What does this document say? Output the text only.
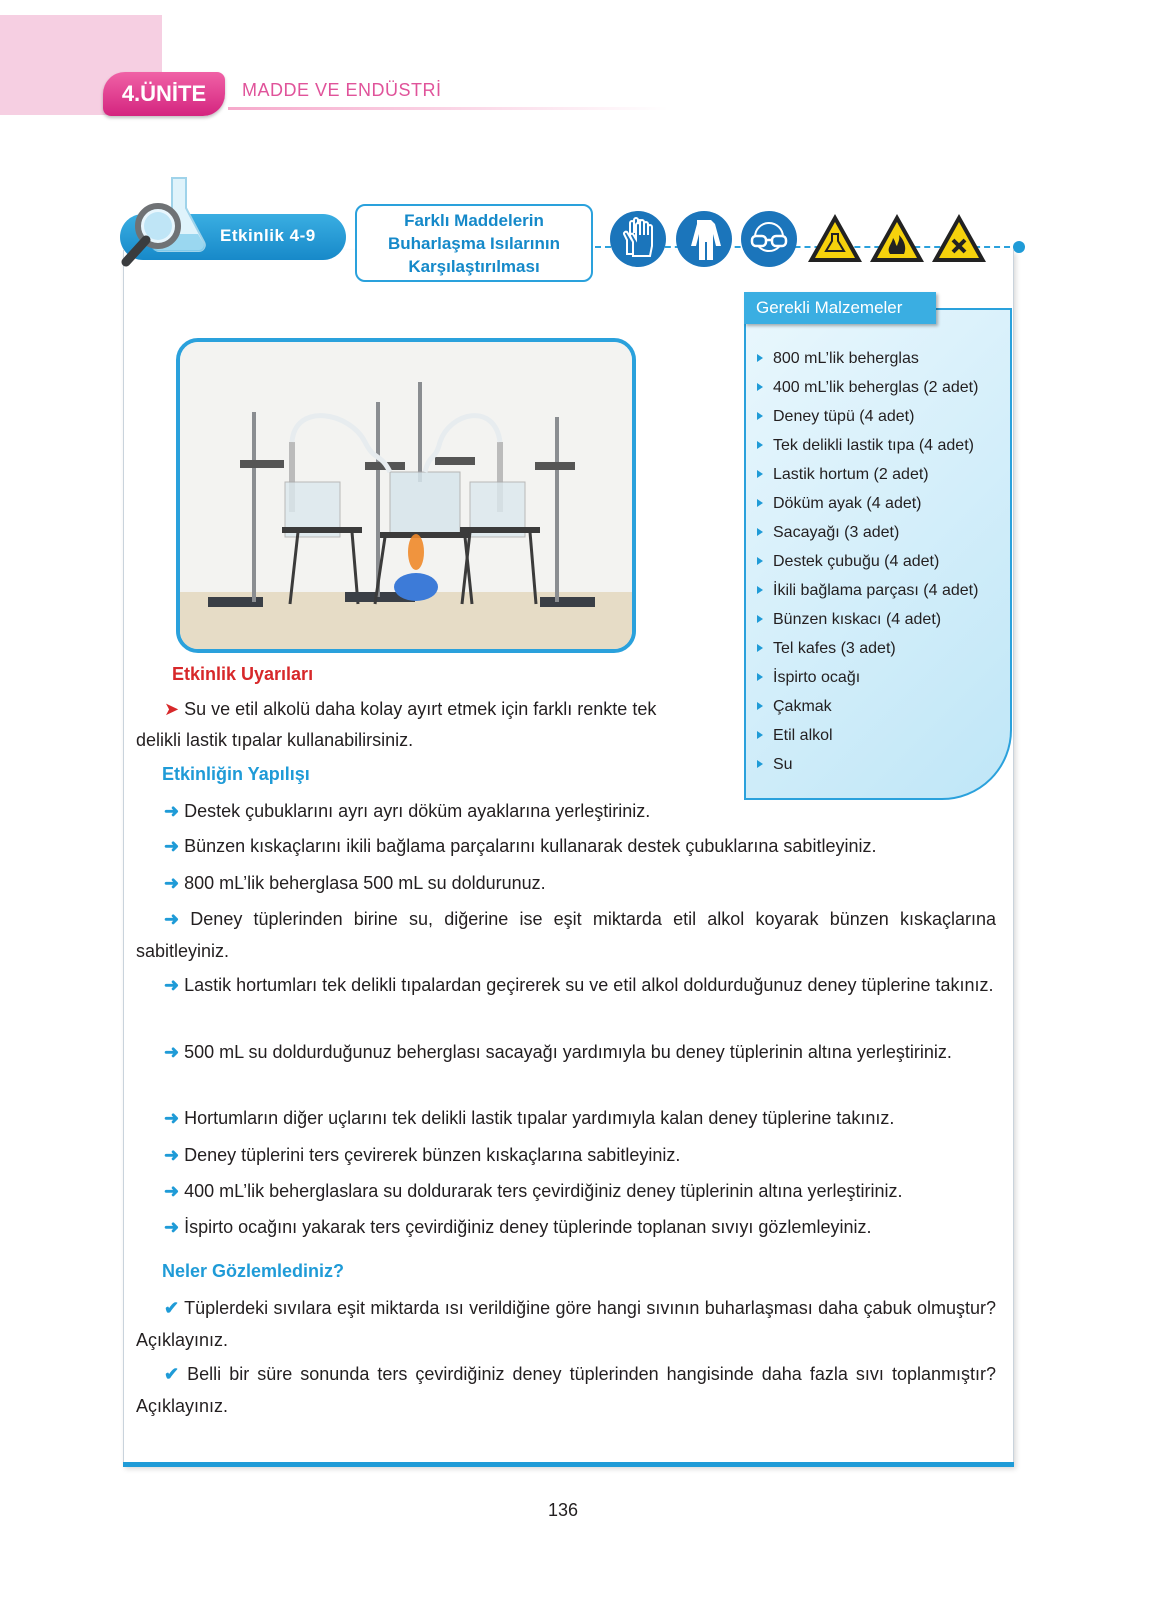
4.ÜNİTE	MADDE VE ENDÜSTRİ
Etkinlik 4-9
Farklı Maddelerin
Buharlaşma Isılarının
Karşılaştırılması
Gerekli Malzemeler
800 mL’lik beherglas
400 mL’lik beherglas (2 adet)
Deney tüpü (4 adet)
Tek delikli lastik tıpa (4 adet)
Lastik hortum (2 adet)
Döküm ayak (4 adet)
Sacayağı (3 adet)
Destek çubuğu (4 adet)
İkili bağlama parçası (4 adet)
Bünzen kıskacı (4 adet)
Tel kafes (3 adet)
İspirto ocağı
Çakmak
Etil alkol
Su
Etkinlik Uyarıları
➤ Su ve etil alkolü daha kolay ayırt etmek için farklı renkte tek
delikli lastik tıpalar kullanabilirsiniz.
Etkinliğin Yapılışı
➜ Destek çubuklarını ayrı ayrı döküm ayaklarına yerleştiriniz.
➜ Bünzen kıskaçlarını ikili bağlama parçalarını kullanarak destek çubuklarına sabitleyiniz.
➜ 800 mL’lik beherglasa 500 mL su doldurunuz.
➜ Deney tüplerinden birine su, diğerine ise eşit miktarda etil alkol koyarak bünzen kıskaçlarına sabitleyiniz.
➜ Lastik hortumları tek delikli tıpalardan geçirerek su ve etil alkol doldurduğunuz deney tüplerine takınız.
➜ 500 mL su doldurduğunuz beherglası sacayağı yardımıyla bu deney tüplerinin altına yerleştiriniz.
➜ Hortumların diğer uçlarını tek delikli lastik tıpalar yardımıyla kalan deney tüplerine takınız.
➜ Deney tüplerini ters çevirerek bünzen kıskaçlarına sabitleyiniz.
➜ 400 mL’lik beherglaslara su doldurarak ters çevirdiğiniz deney tüplerinin altına yerleştiriniz.
➜ İspirto ocağını yakarak ters çevirdiğiniz deney tüplerinde toplanan sıvıyı gözlemleyiniz.
Neler Gözlemlediniz?
✔ Tüplerdeki sıvılara eşit miktarda ısı verildiğine göre hangi sıvının buharlaşması daha çabuk olmuştur? Açıklayınız.
✔ Belli bir süre sonunda ters çevirdiğiniz deney tüplerinden hangisinde daha fazla sıvı toplanmıştır? Açıklayınız.
136
